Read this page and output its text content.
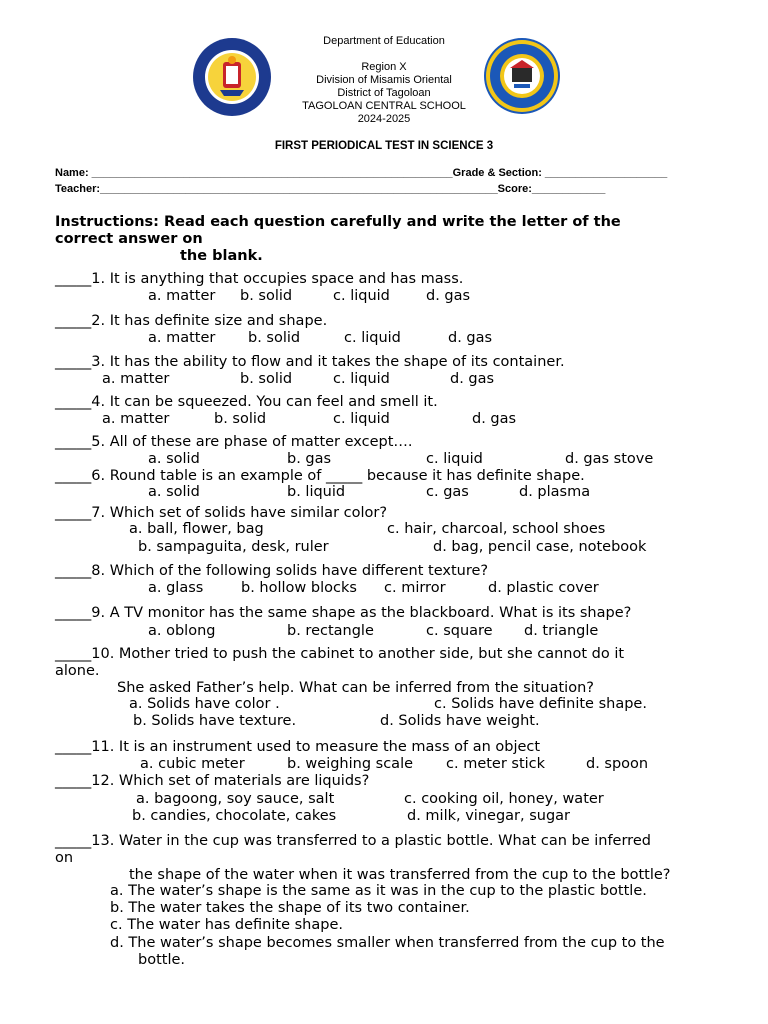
Department of Education
Region X
Division of Misamis Oriental
District of Tagoloan
TAGOLOAN CENTRAL SCHOOL
2024-2025
FIRST PERIODICAL TEST IN SCIENCE 3
Name: ___________________________________________________________Grade & Section: ____________________
Teacher:_________________________________________________________________Score:____________
Instructions: Read each question carefully and write the letter of the
correct answer on
the blank.
_____1. It is anything that occupies space and has mass.
a. matter b. solid	c. liquid d. gas
_____2. It has definite size and shape.
a. matter b. solid	c. liquid	d. gas
_____3. It has the ability to flow and it takes the shape of its container.
a. matter	b. solid	c. liquid	d. gas
_____4. It can be squeezed. You can feel and smell it.
a. matter	b. solid	c. liquid	d. gas
_____5. All of these are phase of matter except….
a. solid	b. gas	c. liquid	d. gas stove
_____6. Round table is an example of _____ because it has definite shape.
a. solid	b. liquid	c. gas	d. plasma
_____7. Which set of solids have similar color?
a. ball, flower, bag	c. hair, charcoal, school shoes
b. sampaguita, desk, ruler	d. bag, pencil case, notebook
_____8. Which of the following solids have different texture?
a. glass	b. hollow blocks c. mirror	d. plastic cover
_____9. A TV monitor has the same shape as the blackboard. What is its shape?
a. oblong	b. rectangle	c. square d. triangle
_____10. Mother tried to push the cabinet to another side, but she cannot do it
alone.
She asked Father’s help. What can be inferred from the situation?
a. Solids have color .	c. Solids have definite shape.
b. Solids have texture.	d. Solids have weight.
_____11. It is an instrument used to measure the mass of an object
a. cubic meter	b. weighing scale c. meter stick	d. spoon
_____12. Which set of materials are liquids?
a. bagoong, soy sauce, salt	c. cooking oil, honey, water
b. candies, chocolate, cakes	d. milk, vinegar, sugar
_____13. Water in the cup was transferred to a plastic bottle. What can be inferred
on
the shape of the water when it was transferred from the cup to the bottle?
a. The water’s shape is the same as it was in the cup to the plastic bottle.
b. The water takes the shape of its two container.
c. The water has definite shape.
d. The water’s shape becomes smaller when transferred from the cup to the
bottle.
